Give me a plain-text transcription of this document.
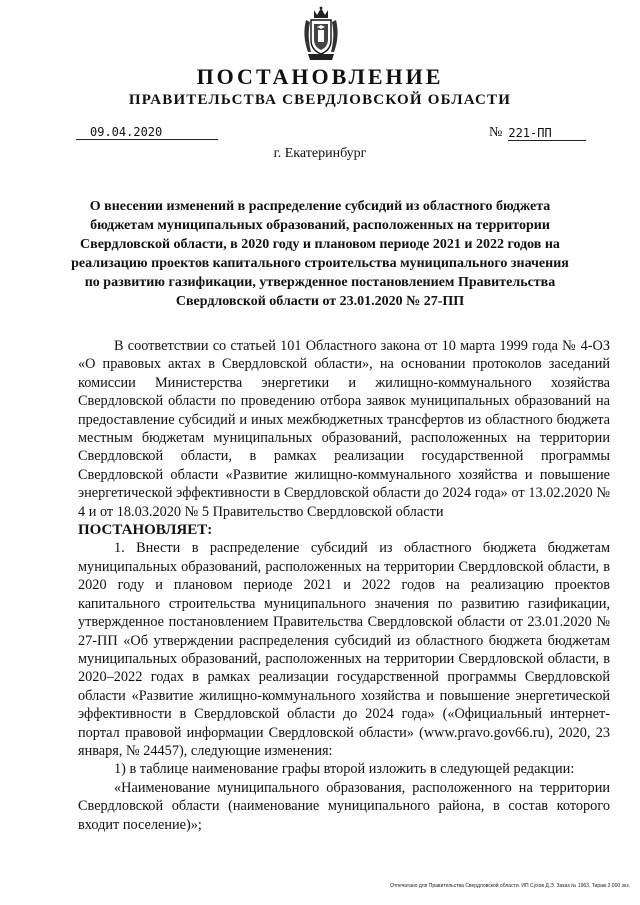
ПОСТАНОВЛЕНИЕ
ПРАВИТЕЛЬСТВА СВЕРДЛОВСКОЙ ОБЛАСТИ
09.04.2020	№ 221-ПП
г. Екатеринбург
О внесении изменений в распределение субсидий из областного бюджета бюджетам муниципальных образований, расположенных на территории Свердловской области, в 2020 году и плановом периоде 2021 и 2022 годов на реализацию проектов капитального строительства муниципального значения по развитию газификации, утвержденное постановлением Правительства Свердловской области от 23.01.2020 № 27-ПП

В соответствии со статьей 101 Областного закона от 10 марта 1999 года № 4-ОЗ «О правовых актах в Свердловской области», на основании протоколов заседаний комиссии Министерства энергетики и жилищно-коммунального хозяйства Свердловской области по проведению отбора заявок муниципальных образований на предоставление субсидий и иных межбюджетных трансфертов из областного бюджета местным бюджетам муниципальных образований, расположенных на территории Свердловской области, в рамках реализации государственной программы Свердловской области «Развитие жилищно-коммунального хозяйства и повышение энергетической эффективности в Свердловской области до 2024 года» от 13.02.2020 № 4 и от 18.03.2020 № 5 Правительство Свердловской области

ПОСТАНОВЛЯЕТ:

1. Внести в распределение субсидий из областного бюджета бюджетам муниципальных образований, расположенных на территории Свердловской области, в 2020 году и плановом периоде 2021 и 2022 годов на реализацию проектов капитального строительства муниципального значения по развитию газификации, утвержденное постановлением Правительства Свердловской области от 23.01.2020 № 27-ПП «Об утверждении распределения субсидий из областного бюджета бюджетам муниципальных образований, расположенных на территории Свердловской области, в 2020–2022 годах в рамках реализации государственной программы Свердловской области «Развитие жилищно-коммунального хозяйства и повышение энергетической эффективности в Свердловской области до 2024 года» («Официальный интернет-портал правовой информации Свердловской области» (www.pravo.gov66.ru), 2020, 23 января, № 24457), следующие изменения:

1) в таблице наименование графы второй изложить в следующей редакции:

«Наименование муниципального образования, расположенного на территории Свердловской области (наименование муниципального района, в состав которого входит поселение)»;

Отпечатано для Правительства Свердловской области. ИП Сухов Д.Э. Заказ № 1963. Тираж 2 000 экз.
